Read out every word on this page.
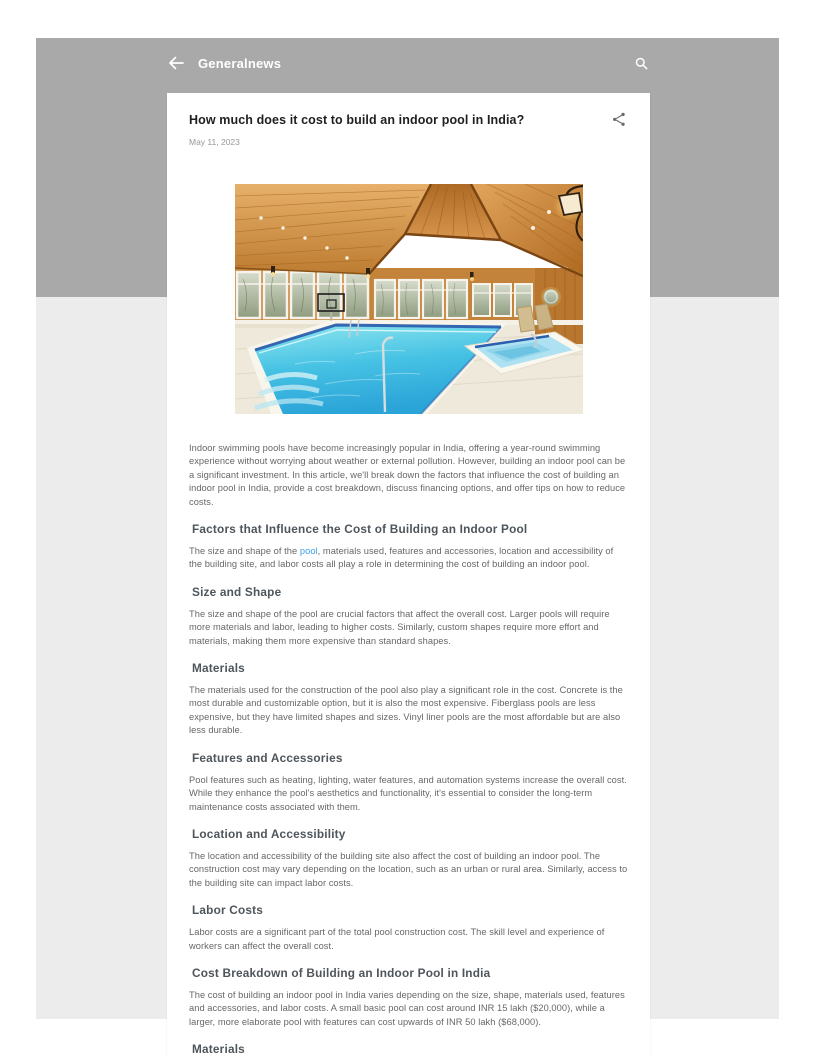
Generalnews
How much does it cost to build an indoor pool in India?
May 11, 2023

Indoor swimming pools have become increasingly popular in India, offering a year-round swimming experience without worrying about weather or external pollution. However, building an indoor pool can be a significant investment. In this article, we'll break down the factors that influence the cost of building an indoor pool in India, provide a cost breakdown, discuss financing options, and offer tips on how to reduce costs.

Factors that Influence the Cost of Building an Indoor Pool

The size and shape of the pool, materials used, features and accessories, location and accessibility of the building site, and labor costs all play a role in determining the cost of building an indoor pool.

Size and Shape

The size and shape of the pool are crucial factors that affect the overall cost. Larger pools will require more materials and labor, leading to higher costs. Similarly, custom shapes require more effort and materials, making them more expensive than standard shapes.

Materials

The materials used for the construction of the pool also play a significant role in the cost. Concrete is the most durable and customizable option, but it is also the most expensive. Fiberglass pools are less expensive, but they have limited shapes and sizes. Vinyl liner pools are the most affordable but are also less durable.

Features and Accessories

Pool features such as heating, lighting, water features, and automation systems increase the overall cost. While they enhance the pool's aesthetics and functionality, it's essential to consider the long-term maintenance costs associated with them.

Location and Accessibility

The location and accessibility of the building site also affect the cost of building an indoor pool. The construction cost may vary depending on the location, such as an urban or rural area. Similarly, access to the building site can impact labor costs.

Labor Costs

Labor costs are a significant part of the total pool construction cost. The skill level and experience of workers can affect the overall cost.

Cost Breakdown of Building an Indoor Pool in India

The cost of building an indoor pool in India varies depending on the size, shape, materials used, features and accessories, and labor costs. A small basic pool can cost around INR 15 lakh ($20,000), while a larger, more elaborate pool with features can cost upwards of INR 50 lakh ($68,000).

Materials
